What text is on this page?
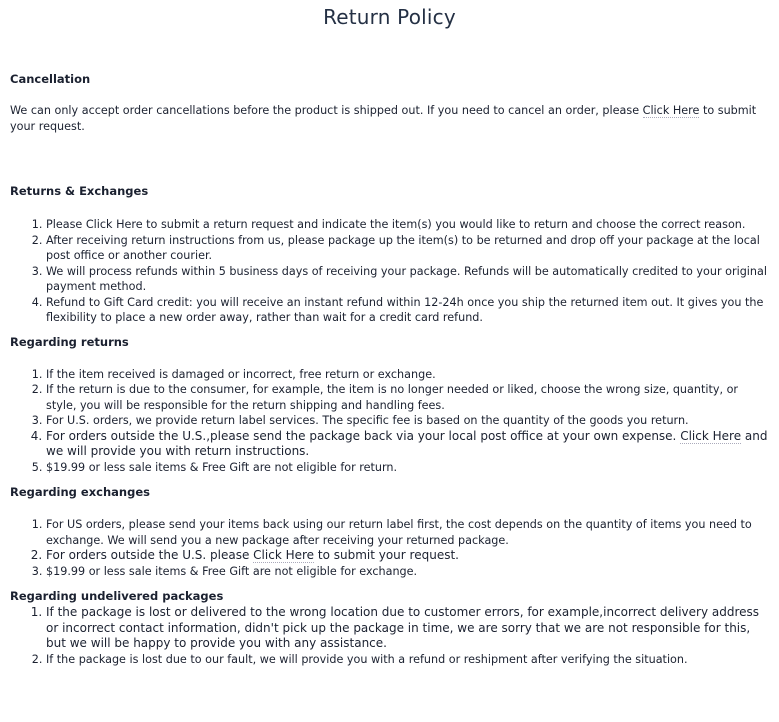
Return Policy
Cancellation

We can only accept order cancellations before the product is shipped out. If you need to cancel an order, please Click Here to submit your request.

Returns & Exchanges
1. Please Click Here to submit a return request and indicate the item(s) you would like to return and choose the correct reason.
2. After receiving return instructions from us, please package up the item(s) to be returned and drop off your package at the local post office or another courier.
3. We will process refunds within 5 business days of receiving your package. Refunds will be automatically credited to your original payment method.
4. Refund to Gift Card credit: you will receive an instant refund within 12-24h once you ship the returned item out. It gives you the flexibility to place a new order away, rather than wait for a credit card refund.
Regarding returns
1. If the item received is damaged or incorrect, free return or exchange.
2. If the return is due to the consumer, for example, the item is no longer needed or liked, choose the wrong size, quantity, or style, you will be responsible for the return shipping and handling fees.
3. For U.S. orders, we provide return label services. The specific fee is based on the quantity of the goods you return.
4. For orders outside the U.S.,please send the package back via your local post office at your own expense. Click Here and we will provide you with return instructions.
5. $19.99 or less sale items & Free Gift are not eligible for return.
Regarding exchanges
1. For US orders, please send your items back using our return label first, the cost depends on the quantity of items you need to exchange. We will send you a new package after receiving your returned package.
2. For orders outside the U.S. please Click Here to submit your request.
3. $19.99 or less sale items & Free Gift are not eligible for exchange.
Regarding undelivered packages
1. If the package is lost or delivered to the wrong location due to customer errors, for example,incorrect delivery address or incorrect contact information, didn't pick up the package in time, we are sorry that we are not responsible for this, but we will be happy to provide you with any assistance.
2. If the package is lost due to our fault, we will provide you with a refund or reshipment after verifying the situation.
